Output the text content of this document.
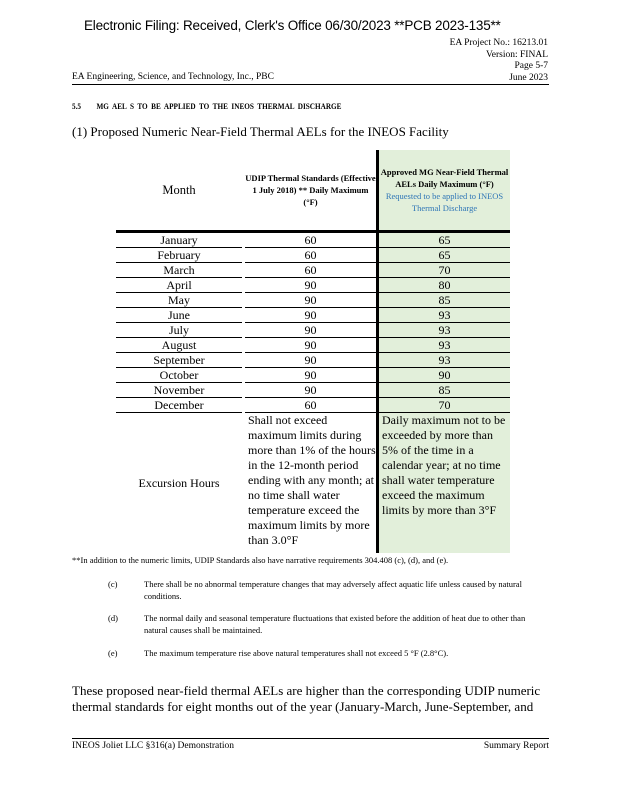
Electronic Filing: Received, Clerk's Office 06/30/2023 **PCB 2023-135**
EA Project No.: 16213.01
Version: FINAL
Page 5-7
June 2023
EA Engineering, Science, and Technology, Inc., PBC
5.5 MG AEL S TO BE APPLIED TO THE INEOS THERMAL DISCHARGE
(1) Proposed Numeric Near-Field Thermal AELs for the INEOS Facility
Month	UDIP Thermal Standards (Effective 1 July 2018) ** Daily Maximum (°F)	Approved MG Near-Field Thermal AELs Daily Maximum (°F)
Requested to be applied to INEOS Thermal Discharge

January	60	65
February	60	65
March	60	70
April	90	80
May	90	85
June	90	93
July	90	93
August	90	93
September	90	93
October	90	90
November	90	85
December	60	70
Excursion Hours	Shall not exceed maximum limits during more than 1% of the hours in the 12-month period ending with any month; at no time shall water temperature exceed the maximum limits by more than 3.0°F	Daily maximum not to be exceeded by more than 5% of the time in a calendar year; at no time shall water temperature exceed the maximum limits by more than 3°F
**In addition to the numeric limits, UDIP Standards also have narrative requirements 304.408 (c), (d), and (e).
(c)	There shall be no abnormal temperature changes that may adversely affect aquatic life unless caused by natural conditions.
(d)	The normal daily and seasonal temperature fluctuations that existed before the addition of heat due to other than natural causes shall be maintained.
(e)	The maximum temperature rise above natural temperatures shall not exceed 5 °F (2.8°C).
These proposed near-field thermal AELs are higher than the corresponding UDIP numeric thermal standards for eight months out of the year (January-March, June-September, and
INEOS Joliet LLC §316(a) Demonstration	Summary Report
